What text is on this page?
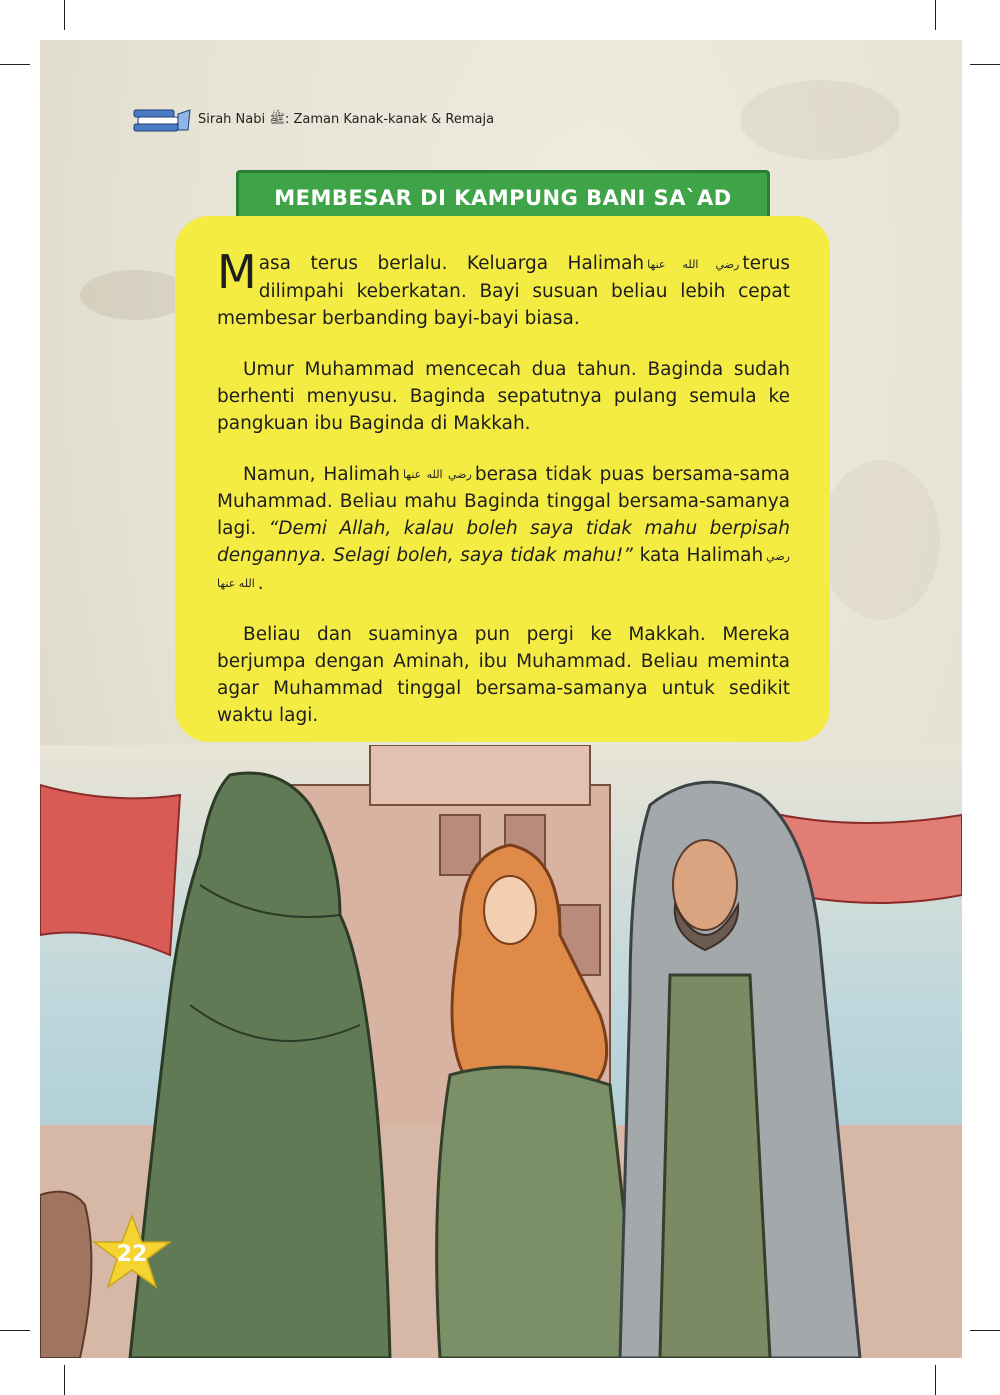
Sirah Nabi ﷺ: Zaman Kanak-kanak & Remaja
MEMBESAR DI KAMPUNG BANI SA`AD

Masa terus berlalu. Keluarga Halimah رضي الله عنها terus dilimpahi keberkatan. Bayi susuan beliau lebih cepat membesar berbanding bayi-bayi biasa.

Umur Muhammad mencecah dua tahun. Baginda sudah berhenti menyusu. Baginda sepatutnya pulang semula ke pangkuan ibu Baginda di Makkah.

Namun, Halimah رضي الله عنها berasa tidak puas bersama-sama Muhammad. Beliau mahu Baginda tinggal bersama-samanya lagi. “Demi Allah, kalau boleh saya tidak mahu berpisah dengannya. Selagi boleh, saya tidak mahu!” kata Halimah رضي الله عنها .

Beliau dan suaminya pun pergi ke Makkah. Mereka berjumpa dengan Aminah, ibu Muhammad. Beliau meminta agar Muhammad tinggal bersama-samanya untuk sedikit waktu lagi.

22
